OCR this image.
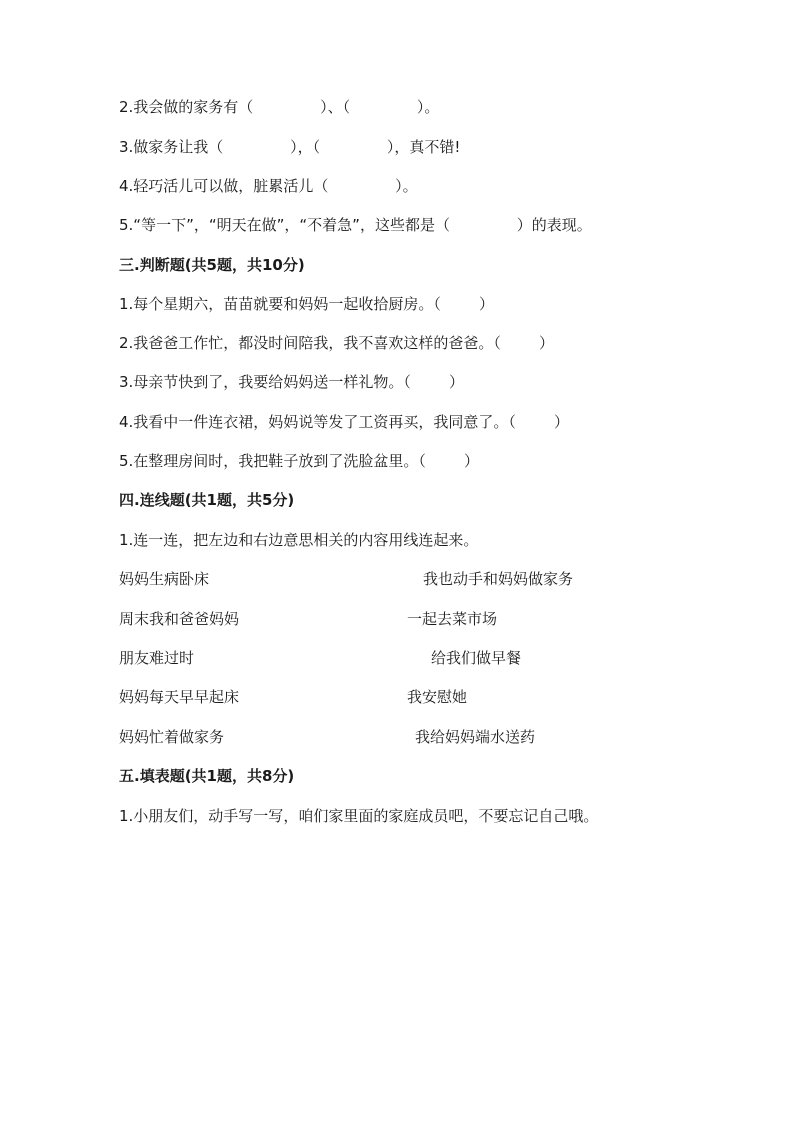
2.我会做的家务有（              ）、（              ）。

3.做家务让我（              ），（              ），真不错!

4.轻巧活儿可以做，脏累活儿（              ）。

5.“等一下”，“明天在做”，“不着急”，这些都是（              ）的表现。

三.判断题(共5题，共10分)

1.每个星期六，苗苗就要和妈妈一起收拾厨房。（        ）

2.我爸爸工作忙，都没时间陪我，我不喜欢这样的爸爸。（        ）

3.母亲节快到了，我要给妈妈送一样礼物。（        ）

4.我看中一件连衣裙，妈妈说等发了工资再买，我同意了。（        ）

5.在整理房间时，我把鞋子放到了洗脸盆里。（        ）

四.连线题(共1题，共5分)

1.连一连，把左边和右边意思相关的内容用线连起来。

妈妈生病卧床	我也动手和妈妈做家务

周末我和爸爸妈妈	一起去菜市场

朋友难过时	给我们做早餐

妈妈每天早早起床	我安慰她

妈妈忙着做家务	我给妈妈端水送药

五.填表题(共1题，共8分)

1.小朋友们，动手写一写，咱们家里面的家庭成员吧，不要忘记自己哦。
